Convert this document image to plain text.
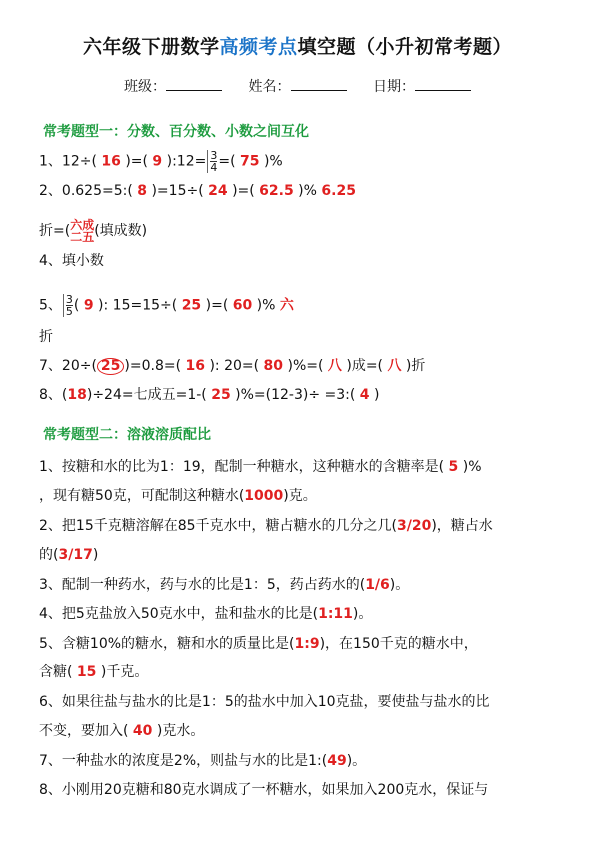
六年级下册数学高频考点填空题（小升初常考题）
班级：	姓名：	日期：
常考题型一：分数、百分数、小数之间互化
1、12÷( 16 )=( 9 ):12= $\frac{3}{4}$ =( 75 )%
2、0.625=5:( 8 )=15÷( 24 )=( 62.5 )% 6.25
折=( 六成
二五 (填成数)
4、填小数
5、 $\frac{3}{5}$ ( 9 ): 15=15÷( 25 )=( 60 )% 六
折
7、20÷( 25 )=0.8=( 16 ): 20=( 80 )%=( 八 )成=( 八 )折
8、(18)÷24=七成五=1-( 25 )%=(12-3)÷ =3:( 4 )
常考题型二：溶液溶质配比
1、按糖和水的比为1：19，配制一种糖水，这种糖水的含糖率是( 5 )%
，现有糖50克，可配制这种糖水(1000)克。
2、把15千克糖溶解在85千克水中，糖占糖水的几分之几(3/20)，糖占水
的(3/17)
3、配制一种药水，药与水的比是1：5，药占药水的(1/6)。
4、把5克盐放入50克水中，盐和盐水的比是(1:11)。
5、含糖10%的糖水，糖和水的质量比是(1:9)，在150千克的糖水中，
含糖( 15 )千克。
6、如果往盐与盐水的比是1：5的盐水中加入10克盐，要使盐与盐水的比
不变，要加入( 40 )克水。
7、一种盐水的浓度是2%，则盐与水的比是1:(49)。
8、小刚用20克糖和80克水调成了一杯糖水，如果加入200克水，保证与
